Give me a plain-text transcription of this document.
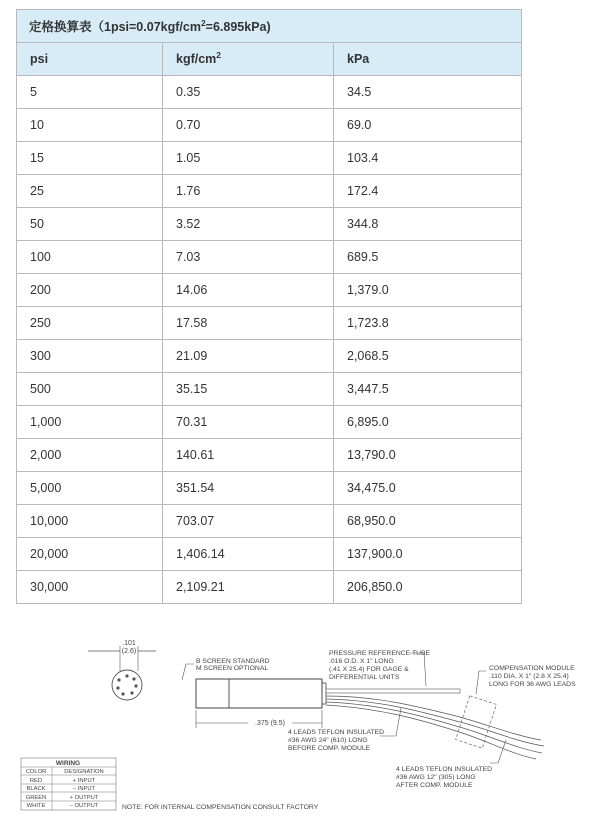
定格换算表$(1psi=0.07kgf/cm^2=6.895kPa)$		
psi	kgf/$cm^2$	kPa
5	0.35	34.5
10	0.70	69.0
15	1.05	103.4
25	1.76	172.4
50	3.52	344.8
100	7.03	689.5
200	14.06	1,379.0
250	17.58	1,723.8
300	21.09	2,068.5
500	35.15	3,447.5
1,000	70.31	6,895.0
2,000	140.61	13,790.0
5,000	351.54	34,475.0
10,000	703.07	68,950.0
20,000	1,406.14	137,900.0
30,000	2,109.21	206,850.0
.101
(2.6)
B SCREEN STANDARD
M SCREEN OPTIONAL
.375 (9.5)
PRESSURE REFERENCE TUBE
.016 O.D. X 1" LONG
(.41 X 25.4) FOR GAGE &
DIFFERENTIAL UNITS
COMPENSATION MODULE
.110 DIA. X 1" (2.8 X 25.4)
LONG FOR 36 AWG LEADS
4 LEADS TEFLON INSULATED
#36 AWG 24" (610) LONG
BEFORE COMP. MODULE
4 LEADS TEFLON INSULATED
#36 AWG 12" (305) LONG
AFTER COMP. MODULE
WIRING
COLOR	DESIGNATION
RED	+ INPUT
BLACK	– INPUT
GREEN	+ OUTPUT
WHITE	– OUTPUT	NOTE: FOR INTERNAL COMPENSATION CONSULT FACTORY
